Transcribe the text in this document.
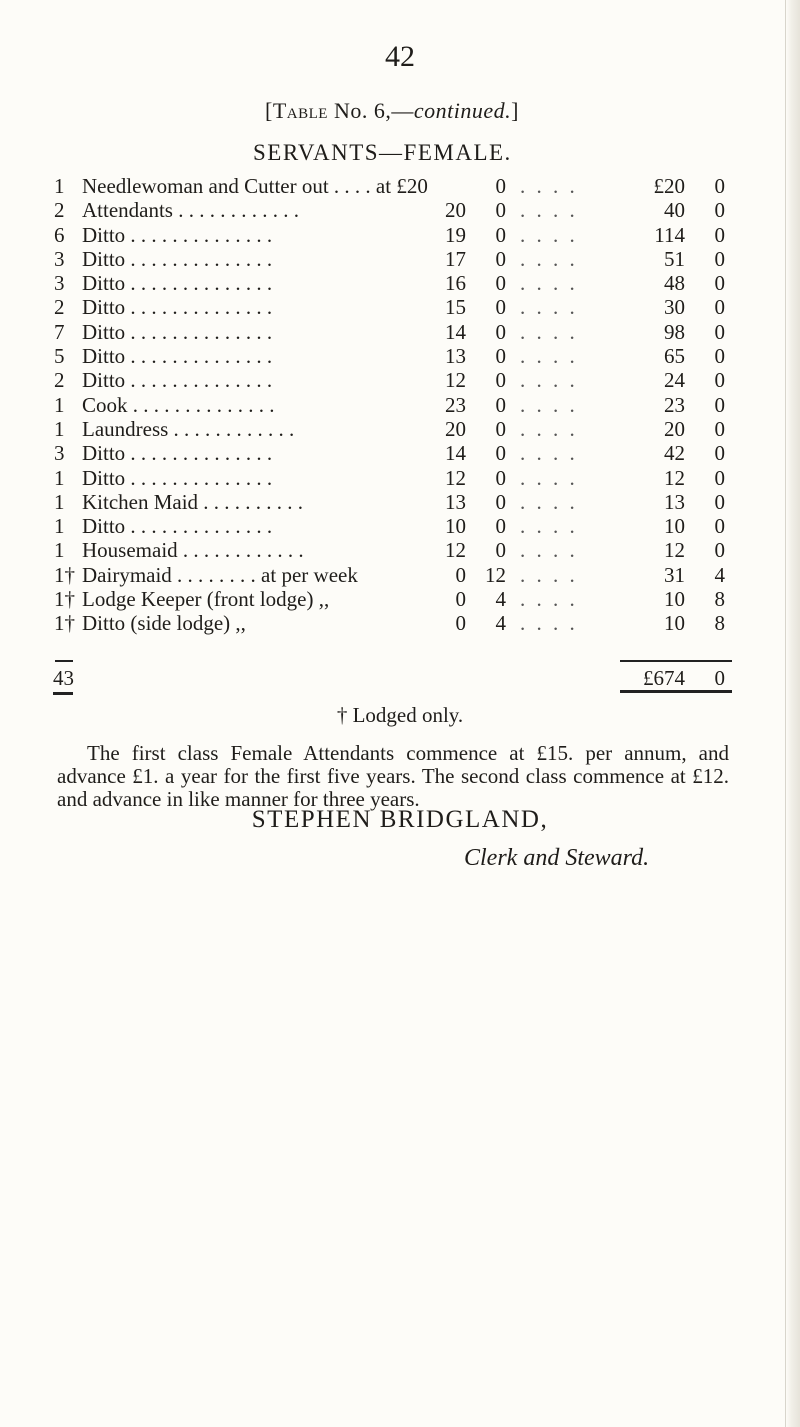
42
[Table No. 6,—continued.]
SERVANTS—FEMALE.
1 Needlewoman and Cutter out . . . . at £20	0 . . . .	£20	0
2 Attendants . . . . . . . . . . . .	20	0 . . . .	40	0
6 Ditto . . . . . . . . . . . . . .	19	0 . . . .	114	0
3 Ditto . . . . . . . . . . . . . .	17	0 . . . .	51	0
3 Ditto . . . . . . . . . . . . . .	16	0 . . . .	48	0
2 Ditto . . . . . . . . . . . . . .	15	0 . . . .	30	0
7 Ditto . . . . . . . . . . . . . .	14	0 . . . .	98	0
5 Ditto . . . . . . . . . . . . . .	13	0 . . . .	65	0
2 Ditto . . . . . . . . . . . . . .	12	0 . . . .	24	0
1 Cook . . . . . . . . . . . . . .	23	0 . . . .	23	0
1 Laundress . . . . . . . . . . . .	20	0 . . . .	20	0
3 Ditto . . . . . . . . . . . . . .	14	0 . . . .	42	0
1 Ditto . . . . . . . . . . . . . .	12	0 . . . .	12	0
1 Kitchen Maid . . . . . . . . . .	13	0 . . . .	13	0
1 Ditto . . . . . . . . . . . . . .	10	0 . . . .	10	0
1 Housemaid . . . . . . . . . . . .	12	0 . . . .	12	0
1† Dairymaid . . . . . . . . at per week	0 12 . . . .	31	4
1† Lodge Keeper (front lodge) ,,	0	4 . . . .	10	8
1† Ditto (side lodge) ,,	0	4 . . . .	10	8
43	£674	0
† Lodged only.
The first class Female Attendants commence at £15. per annum, and advance £1. a year for the first five years. The second class commence at £12. and advance in like manner for three years.
STEPHEN BRIDGLAND,
Clerk and Steward.
